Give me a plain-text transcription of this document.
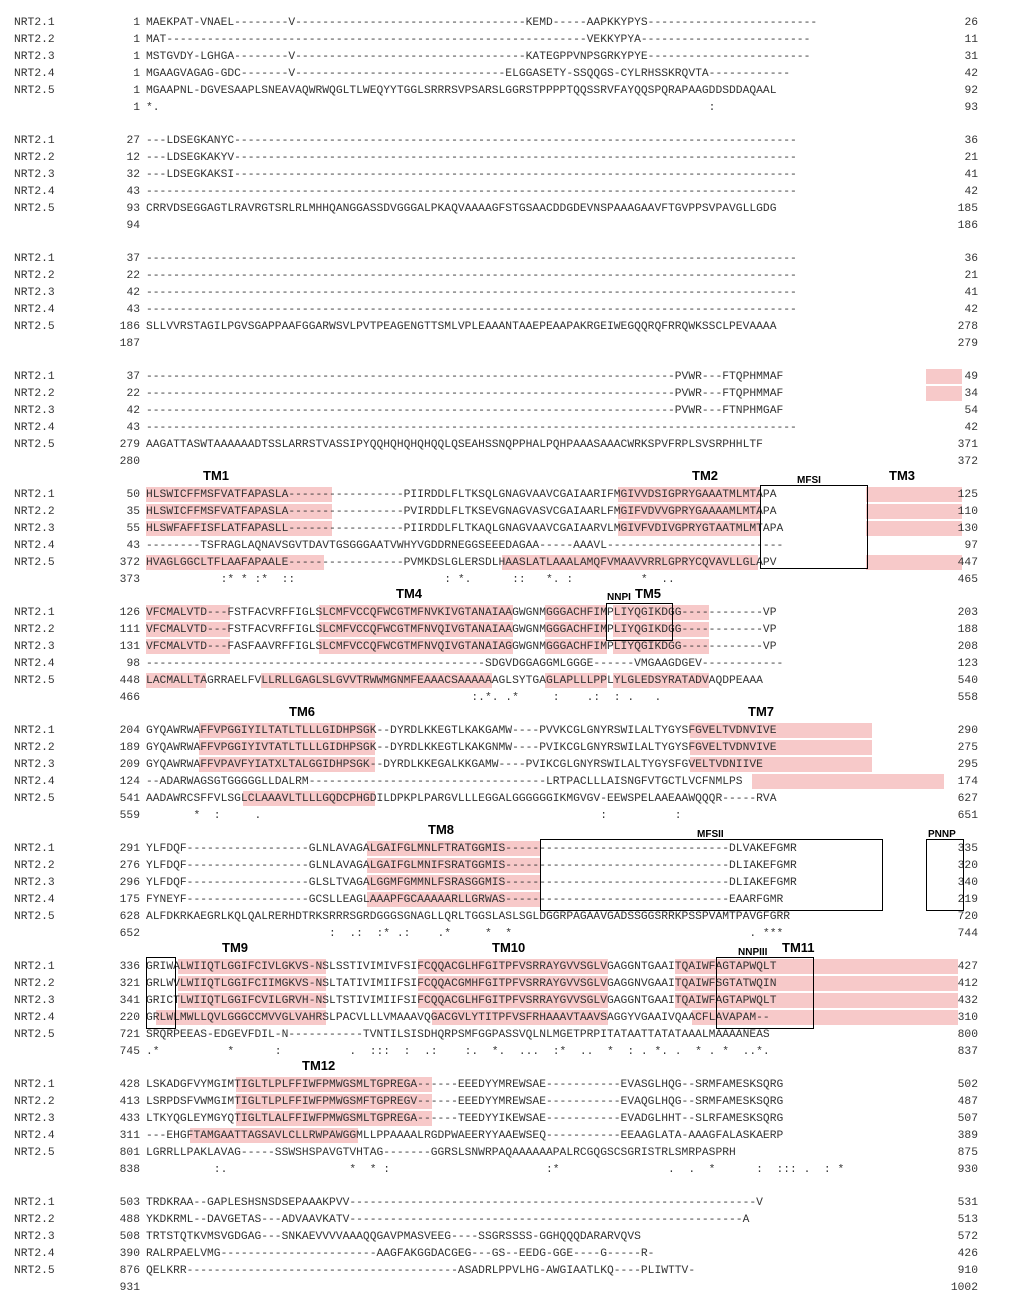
NRT2.1	1 MAEKPAT-VNAEL--------V----------------------------------KEMD-----AAPKKYPYS-------------------------	26
NRT2.2	1 MAT--------------------------------------------------------------VEKKYPYA-------------------------	11
NRT2.3	1 MSTGVDY-LGHGA--------V----------------------------------KATEGPPVNPSGRKYPYE------------------------	31
NRT2.4	1 MGAAGVAGAG-GDC-------V-------------------------------ELGGASETY-SSQQGS-CYLRHSSKRQVTA------------	42
NRT2.5	1 MGAAPNL-DGVESAAPLSNEAVAQWRWQGLTLWEQYYTGGLSRRRSVPSARSLGGRSTPPPPTQQSSRVFAYQQSPQRAPAAGDDSDDAQAAL	92
1 *.                                                                                 :	93
NRT2.1	27 ---LDSEGKANYC-----------------------------------------------------------------------------------	36
NRT2.2	12 ---LDSEGKAKYV-----------------------------------------------------------------------------------	21
NRT2.3	32 ---LDSEGKAKSI-----------------------------------------------------------------------------------	41
NRT2.4	43 ------------------------------------------------------------------------------------------------	42
NRT2.5	93 CRRVDSEGGAGTLRAVRGTSRLRLMHHQANGGASSDVGGGALPKAQVAAAAGFSTGSAACDDGDEVNSPAAAGAAVFTGVPPSVPAVGLLGDG	185
94	186
NRT2.1	37 ------------------------------------------------------------------------------------------------	36
NRT2.2	22 ------------------------------------------------------------------------------------------------	21
NRT2.3	42 ------------------------------------------------------------------------------------------------	41
NRT2.4	43 ------------------------------------------------------------------------------------------------	42
NRT2.5	186 SLLVVRSTAGILPGVSGAPPAAFGGARWSVLPVTPEAGENGTTSMLVPLEAAANTAAEPEAAPAKRGEIWEGQQRQFRRQWKSSCLPEVAAAA	278
187	279
NRT2.1	37 ------------------------------------------------------------------------------PVWR---FTQPHMMAF	49
NRT2.2	22 ------------------------------------------------------------------------------PVWR---FTQPHMMAF	34
NRT2.3	42 ------------------------------------------------------------------------------PVWR---FTNPHMGAF	54
NRT2.4	43 ------------------------------------------------------------------------------------------------	42
NRT2.5	279 AAGATTASWTAAAAAADTSSLARRSTVASSIPYQQHQHQHQHQQLQSEAHSSNQPPHALPQHPAAASAAACWRKSPVFRPLSVSRPHHLTF	371
280	372
NRT2.1	50 HLSWICFFMSFVATFAPASLA-----------------PIIRDDLFLTKSQLGNAGVAAVCGAIAARIFMGIVVDSIGPRYGAAATMLMTAPA	125
NRT2.2	35 HLSWICFFMSFVATFAPASLA-----------------PVIRDDLFLTKSEVGNAGVASVCGAIAARLFMGIFVDVVGPRYGAAAAMLMTAPA	110
NRT2.3	55 HLSWFAFFISFLATFAPASLL-----------------PIIRDDLFLTKAQLGNAGVAAVCGAIAARVLMGIVFVDIVGPRYGTAATMLMTAPA	130
NRT2.4	43 --------TSFRAGLAQNAVSGVTDAVTGSGGGAATVWHYVGDDRNEGGSEEEDAGAA-----AAAVL--------------------------	97
NRT2.5	372 HVAGLGGCLTFLAAFAPAALE-----------------PVMKDSLGLERSDLHAASLATLAAALAMQFVMAAVVRRLGPRYCQVAVLLGLAPV	447
373 :* * :*  ::                      : *.      ::   *. :          *  ..	465
NRT2.1	126 VFCMALVTD---FSTFACVRFFIGLSLCMFVCCQFWCGTMFNVKIVGTANAIAAGWGNMGGGACHFIMPLIYQGIKDGG------------VP	203
NRT2.2	111 VFCMALVTD---FSTFACVRFFIGLSLCMFVCCQFWCGTMFNVQIVGTANAIAAGWGNMGGGACHFIMPLIYQGIKDGG------------VP	188
NRT2.3	131 VFCMALVTD---FASFAAVRFFIGLSLCMFVCCQFWCGTMFNVQIVGTANAIAGGWGNMGGGACHFIMPLIYQGIKDGG------------VP	208
NRT2.4	98 --------------------------------------------------SDGVDGGAGGMLGGGE------VMGAAGDGEV------------	123
NRT2.5	448 LACMALLTAGRRAELFVLLRLLGAGLSLGVVTRWWMGNMFEAAACSAAAAAAGLSYTGAGLAPLLLPPLYLGLEDSYRATADVAQDPEAAA	540
466 :.*. .*     :    .:  : .   .	558
NRT2.1	204 GYQAWRWAFFVPGGIYILTATLTLLLGIDHPSGK--DYRDLKKEGTLKAKGAMW----PVVKCGLGNYRSWILALTYGYSFGVELTVDNVIVE	290
NRT2.2	189 GYQAWRWAFFVPGGIYIVTATLTLLLGIDHPSGK--DYRDLKKEGTLKAKGNMW----PVIKCGLGNYRSWILALTYGYSFGVELTVDNVIVE	275
NRT2.3	209 GYQAWRWAFFVPAVFYIATXLTALGGIDHPSGK--DYRDLKKEGALKKGAMW----PVIKCGLGNYRSWILALTYGYSFGVELTVDNIIVE	295
NRT2.4	124 --ADARWAGSGTGGGGGLLDALRM-----------------------------------LRTPACLLLAISNGFVTGCTLVCFNMLPS	174
NRT2.5	541 AADAWRCSFFVLSGLCLAAAVLTLLLGQDCPHGDILDPKPLPARGVLLLEGGALGGGGGGIKMGVGV-EEWSPELAAEAAWQQQR-----RVA	627
559 *  :     .                                                  :          :	651
NRT2.1	291 YLFDQF------------------GLNLAVAGALGAIFGLMNLFTRATGGMIS---------------------------------DLVAKEFGMR	335
NRT2.2	276 YLFDQF------------------GLNLAVAGALGAIFGLMNIFSRATGGMIS---------------------------------DLIAKEFGMR	320
NRT2.3	296 YLFDQF------------------GLSLTVAGALGGMFGMMNLFSRASGGMIS---------------------------------DLIAKEFGMR	340
NRT2.4	175 FYNEYF------------------GCSLLEAGLAAAPFGCAAAAARLLGRWAS---------------------------------EAARFGMR	219
NRT2.5	628 ALFDKRKAEGRLKQLQALRERHDTRKSRRRSGRDGGGSGNAGLLQRLTGGSLASLSGLDGGRPAGAAVGADSSGGSRRKPSSPVAMTPAVGFGRR	720
652 :  .:  :* .:    .*     *  *                                   . ***	744
NRT2.1	336 GRIWALWIIQTLGGIFCIVLGKVS-NSLSSTIVIMIVFSIFCQQACGLHFGITPFVSRRAYGVVSGLVGAGGNTGAAITQAIWFAGTAPWQLT	427
NRT2.2	321 GRLWVLWIIQTLGGIFCIIMGKVS-NSLTATIVIMIIFSIFCQQACGMHFGITPFVSRRAYGVVSGLVGAGGNVGAAITQAIWFSGTATWQIN	412
NRT2.3	341 GRICTLWIIQTLGGIFCVILGRVH-NSLTSTIVIMIIFSIFCQQACGLHFGITPFVSRRAYGVVSGLVGAGGNTGAAITQAIWFAGTAPWQLT	432
NRT2.4	220 GRLWLMWLLQVLGGGCCMVVGLVAHRSLPACVLLLVMAAAVQGACGVLYTITPFVSFRHAAAVTAAVSAGGYVGAAIVQAACFLAVAPAM--	310
NRT2.5	721 SRQRPEEAS-EDGEVFDIL-N-----------TVNTILSISDHQRPSMFGGPASSVQLNLMGETPRPITATAATTATATAAALMAAAANEAS	800
745 .*          *      :          .  :::  :  .:    :.  *.  ...  :*  ..  *  : . *. .  * . *  ..*.	837
NRT2.1	428 LSKADGFVYMGIMTIGLTLPLFFIWFPMWGSMLTGPREGA------EEEDYYMREWSAE-----------EVASGLHQG--SRMFAMESKSQRG	502
NRT2.2	413 LSRPDSFVWMGIMTIGLTLPLFFIWFPMWGSMFTGPREGV------EEEDYYMREWSAE-----------EVAQGLHQG--SRMFAMESKSQRG	487
NRT2.3	433 LTKYQGLEYMGYQTIGLTLALFFIWFPMWGSMLTGPREGA------TEEDYYIKEWSAE-----------EVADGLHHT--SLRFAMESKSQRG	507
NRT2.4	311 ---EHGFTAMGAATTAGSAVLCLLRWPAWGGMLLPPAAAALRGDPWAEERYYAAEWSEQ-----------EEAAGLATA-AAAGFALASKAERP	389
NRT2.5	801 LGRRLLPAKLAVAG-----SSWSHSPAVGTVHTAG-------GGRSLSNWRPAQAAAAAAPALRCGQGSCSGRISTRLSMRPASPRH	875
838 :.                  *  * :                       :*                .  .  *      :  ::: .  : *	930
NRT2.1	503 TRDKRAA--GAPLESHSNSDSEPAAAKPVV------------------------------------------------------------V	531
NRT2.2	488 YKDKRML--DAVGETAS---ADVAAVKATV----------------------------------------------------------A	513
NRT2.3	508 TRTSTQTKVMSVGDGAG---SNKAEVVVVAAAQQGAVPMASVEEG----SSGRSSSS-GGHQQQDARARVQVS	572
NRT2.4	390 RALRPAELVMG-----------------------AAGFAKGGDACGEG---GS--EEDG-GGE----G-----R-	426
NRT2.5	876 QELKRR----------------------------------------ASADRLPPVLHG-AWGIAATLKQ----PLIWTTV-	910
931	1002
TM1	TM2	MFSI	TM3
TM4	NNPI TM5
TM6	TM7
TM8	MFSII	PNNP
TM9	TM10	NNPIII TM11
TM12
